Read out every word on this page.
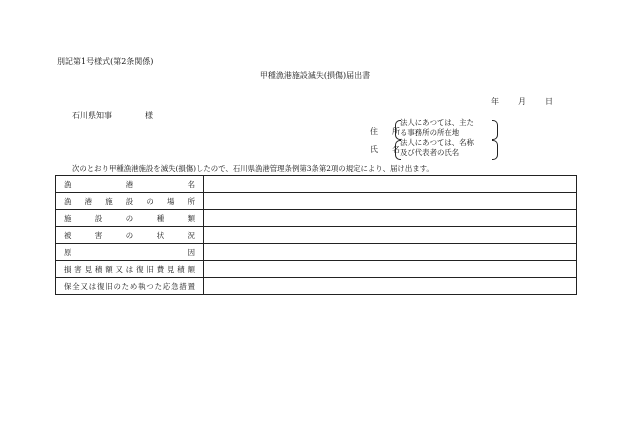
別記第1号様式(第2条関係)
甲種漁港施設滅失(損傷)届出書
年 月 日
石川県知事	様
住所
法人にあつては、主た
る事務所の所在地
氏名
法人にあつては、名称
及び代表者の氏名
次のとおり甲種漁港施設を滅失(損傷)したので、石川県漁港管理条例第3条第2項の規定により、届け出ます。
漁港名	
漁港施設の場所	
施設の種類	
被害の状況	
原因	
損害見積額又は復旧費見積額	
保全又は復旧のため執つた応急措置	
